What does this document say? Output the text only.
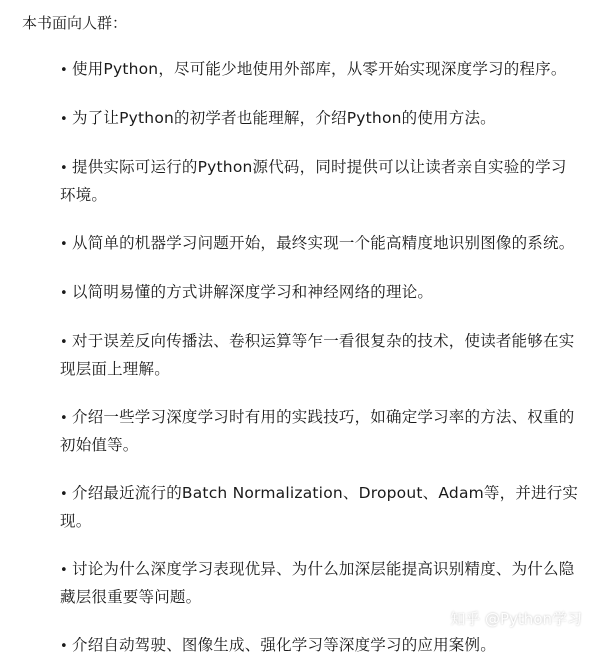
本书面向人群：
• 使用Python，尽可能少地使用外部库，从零开始实现深度学习的程序。
• 为了让Python的初学者也能理解，介绍Python的使用方法。
• 提供实际可运行的Python源代码，同时提供可以让读者亲自实验的学习环境。
• 从简单的机器学习问题开始，最终实现一个能高精度地识别图像的系统。
• 以简明易懂的方式讲解深度学习和神经网络的理论。
• 对于误差反向传播法、卷积运算等乍一看很复杂的技术，使读者能够在实现层面上理解。
• 介绍一些学习深度学习时有用的实践技巧，如确定学习率的方法、权重的初始值等。
• 介绍最近流行的Batch Normalization、Dropout、Adam等，并进行实现。
• 讨论为什么深度学习表现优异、为什么加深层能提高识别精度、为什么隐藏层很重要等问题。
• 介绍自动驾驶、图像生成、强化学习等深度学习的应用案例。
知乎 @Python学习
